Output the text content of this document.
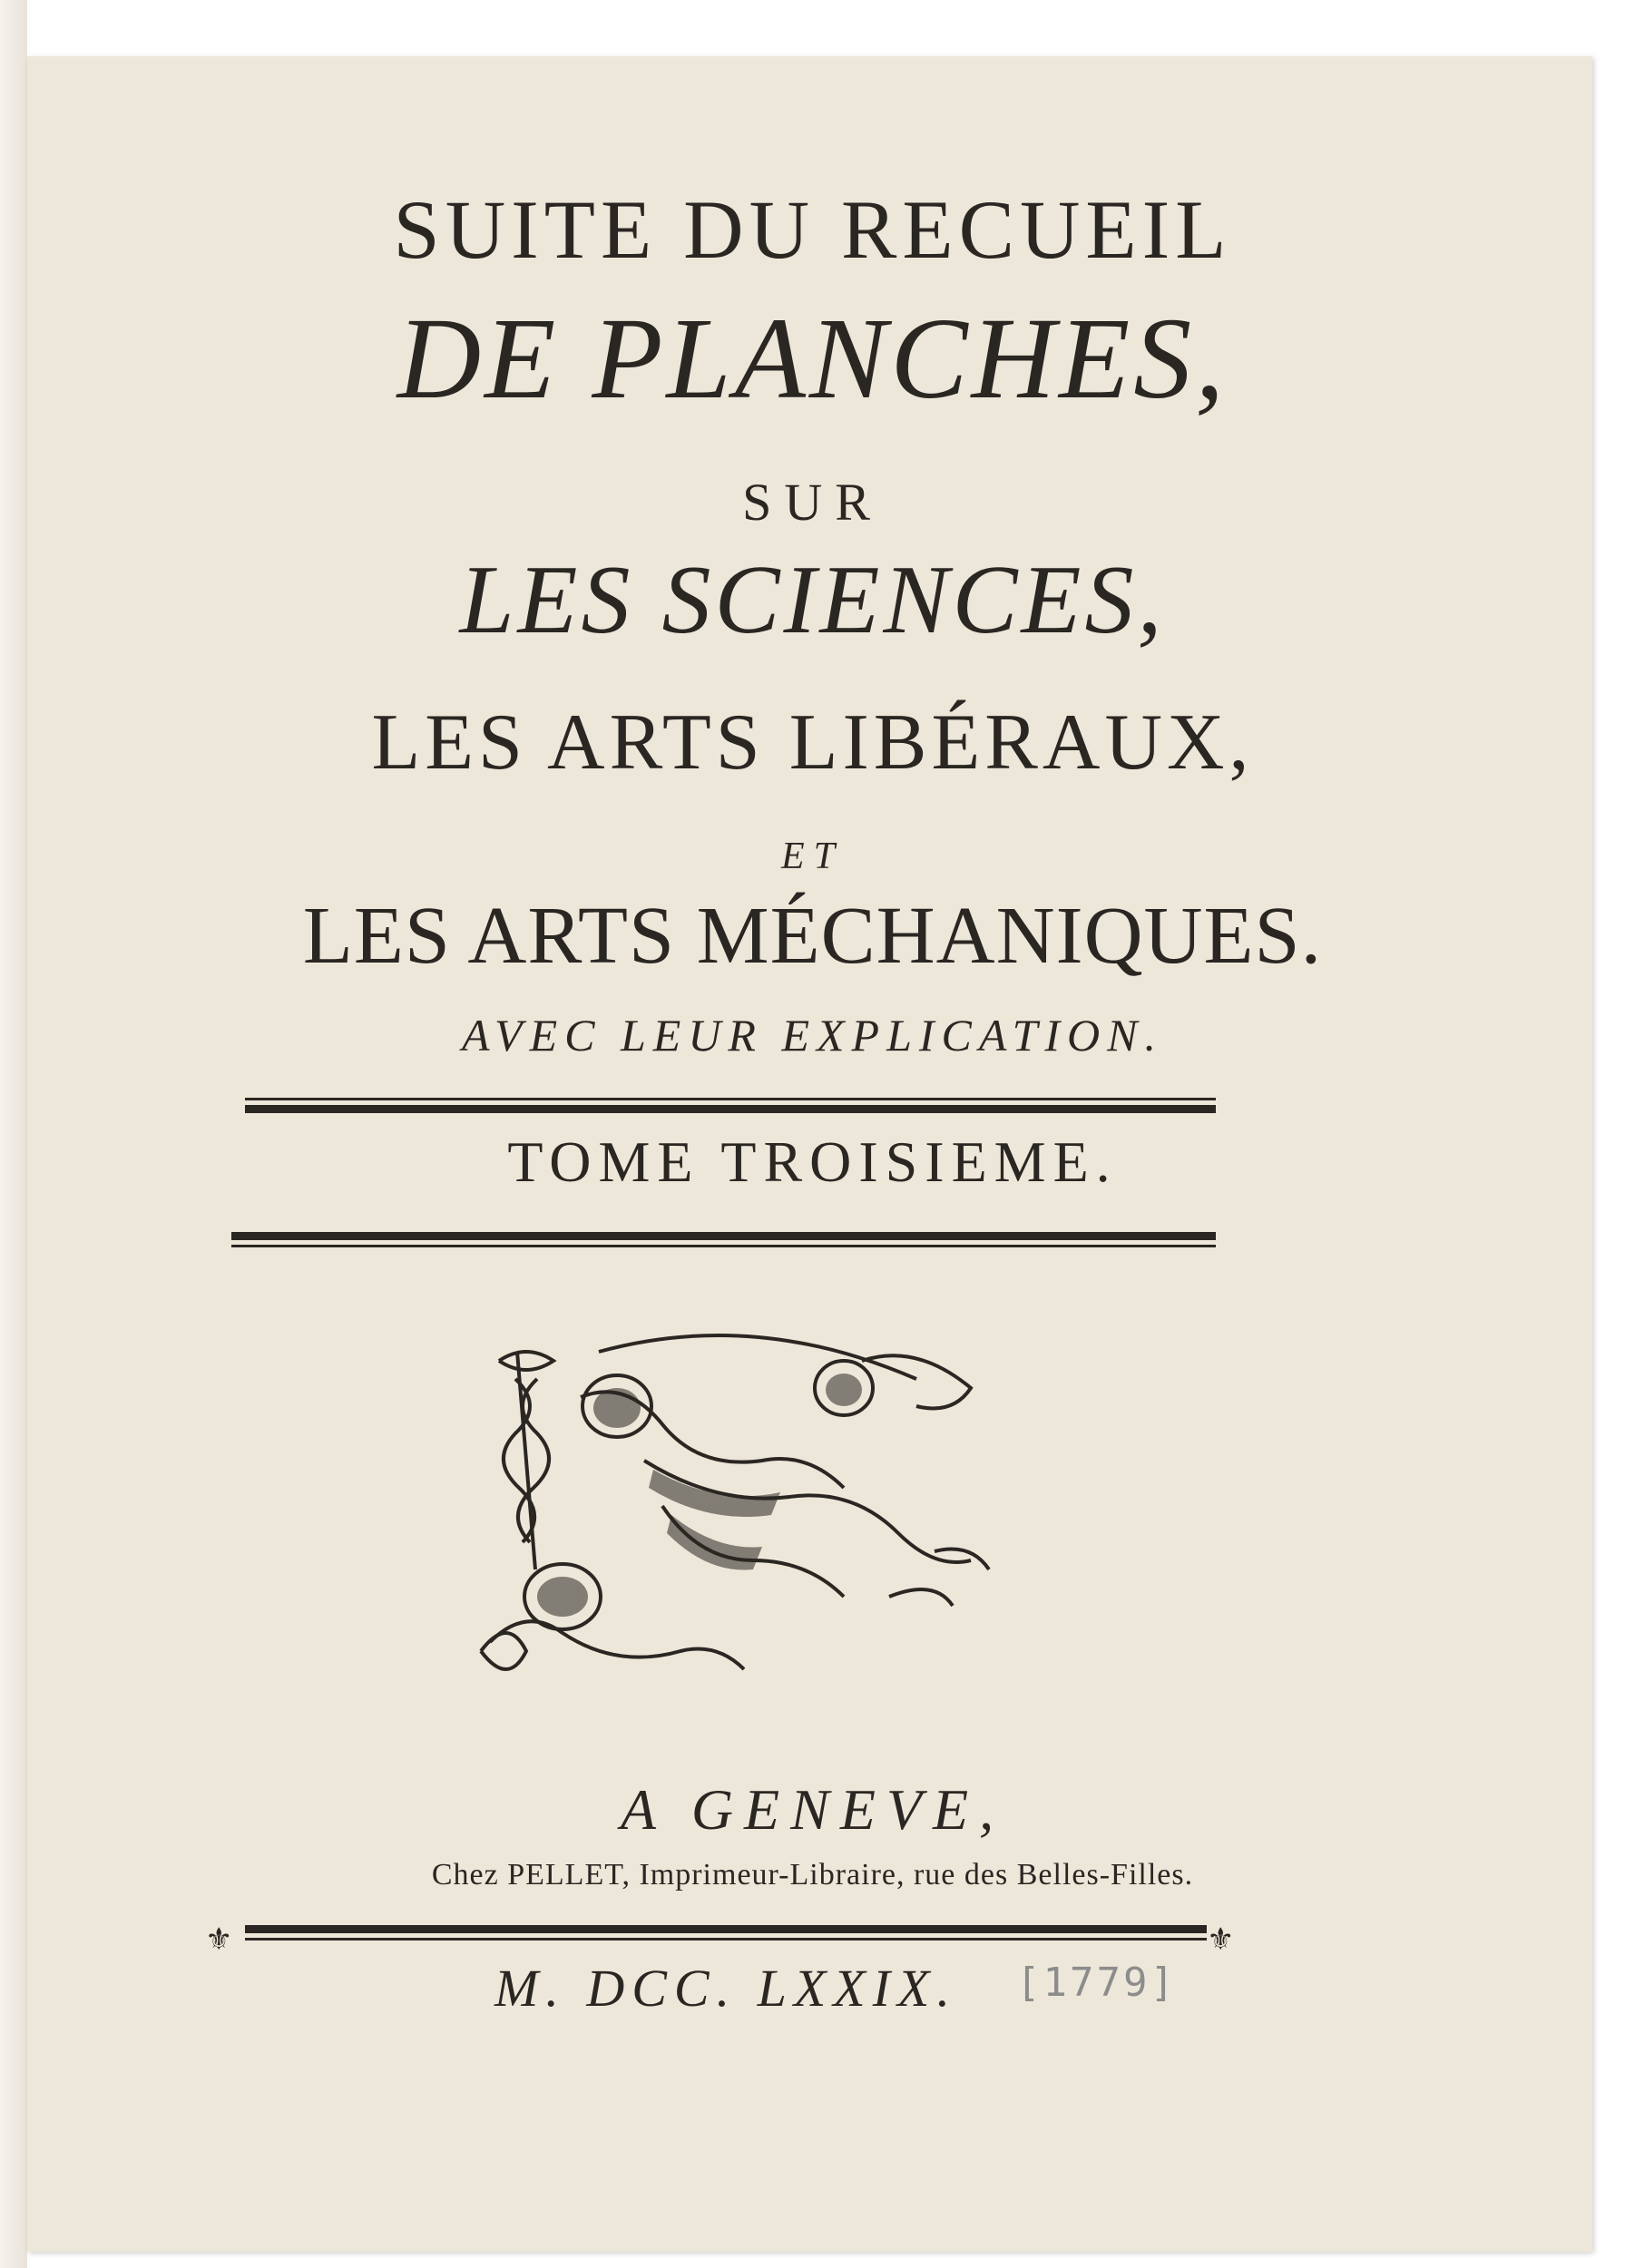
SUITE DU RECUEIL

DE PLANCHES,

SUR

LES SCIENCES,

LES ARTS LIBÉRAUX,

ET

LES ARTS MÉCHANIQUES.

AVEC LEUR EXPLICATION.

TOME TROISIEME.

A GENEVE,

Chez PELLET, Imprimeur-Libraire, rue des Belles-Filles.

⚜	⚜

M. DCC. LXXIX.	[1779]
